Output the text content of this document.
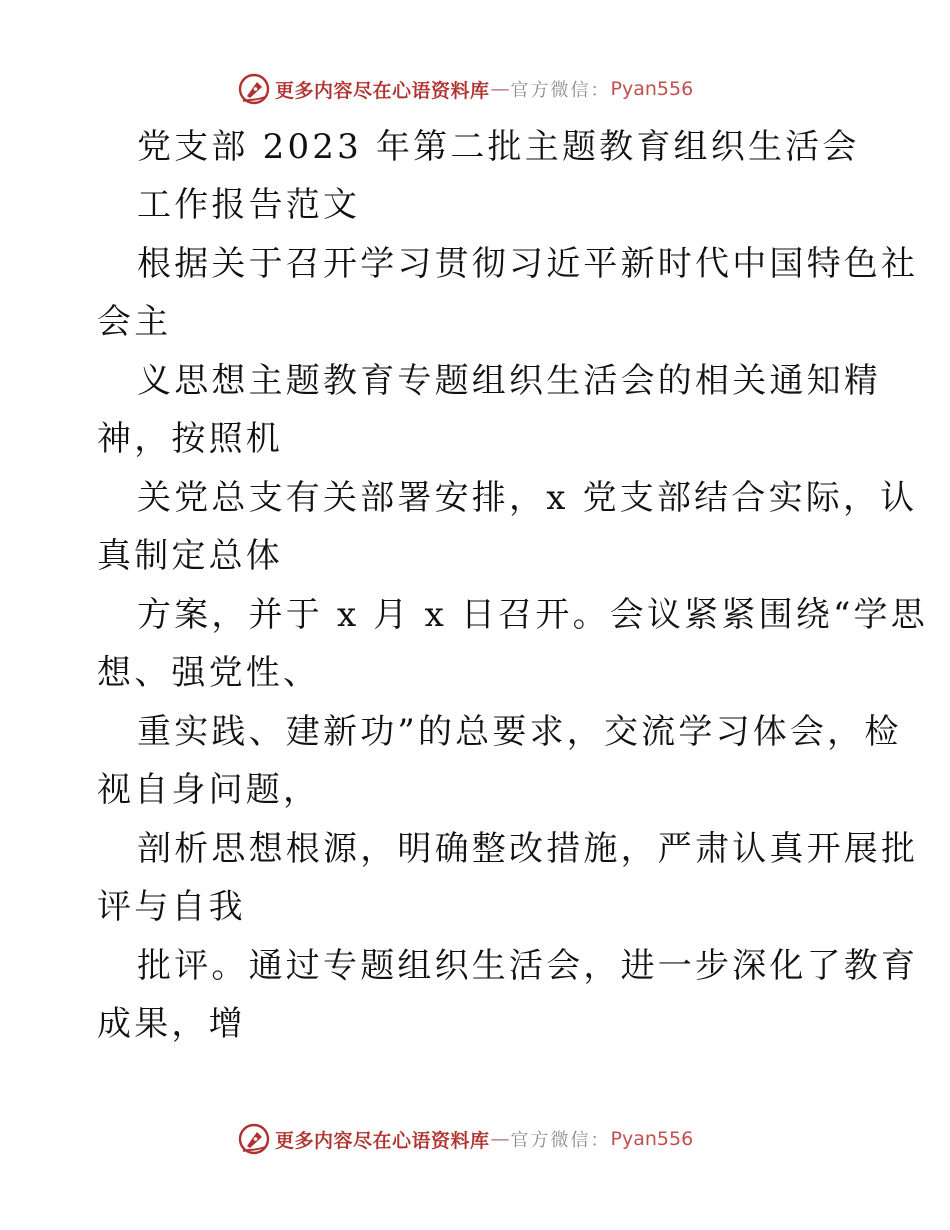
更多内容尽在心语资料库 — 官方微信： Pyan556

党支部 2023 年第二批主题教育组织生活会

工作报告范文

根据关于召开学习贯彻习近平新时代中国特色社

会主

义思想主题教育专题组织生活会的相关通知精

神，按照机

关党总支有关部署安排，x 党支部结合实际，认

真制定总体

方案，并于 x 月 x 日召开。会议紧紧围绕“学思

想、强党性、

重实践、建新功”的总要求，交流学习体会，检

视自身问题，

剖析思想根源，明确整改措施，严肃认真开展批

评与自我

批评。通过专题组织生活会，进一步深化了教育

成果，增

更多内容尽在心语资料库 — 官方微信： Pyan556
